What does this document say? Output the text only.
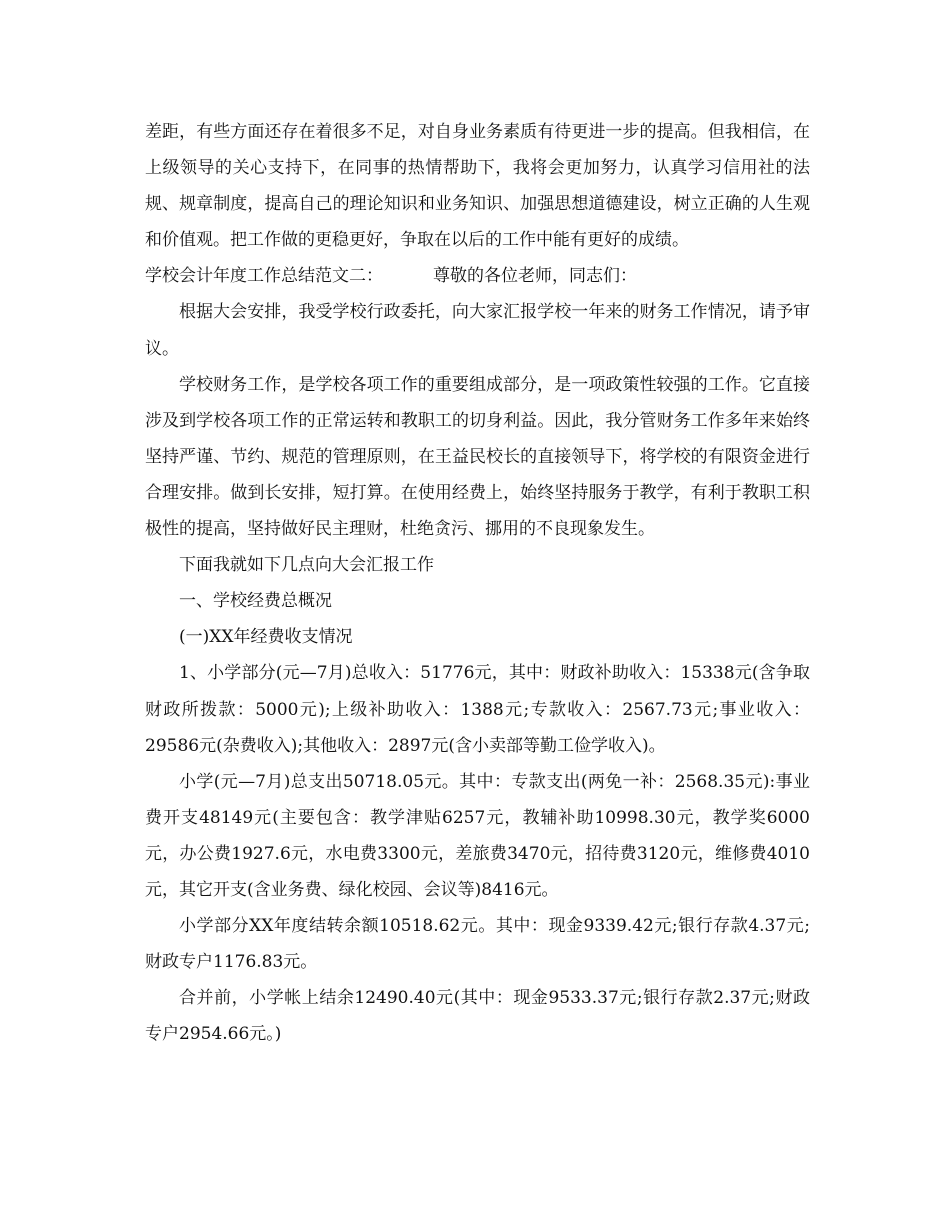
差距，有些方面还存在着很多不足，对自身业务素质有待更进一步的提高。但我相信，在上级领导的关心支持下，在同事的热情帮助下，我将会更加努力，认真学习信用社的法规、规章制度，提高自己的理论知识和业务知识、加强思想道德建设，树立正确的人生观和价值观。把工作做的更稳更好，争取在以后的工作中能有更好的成绩。

学校会计年度工作总结范文二：	尊敬的各位老师，同志们：

根据大会安排，我受学校行政委托，向大家汇报学校一年来的财务工作情况，请予审议。

学校财务工作，是学校各项工作的重要组成部分，是一项政策性较强的工作。它直接涉及到学校各项工作的正常运转和教职工的切身利益。因此，我分管财务工作多年来始终坚持严谨、节约、规范的管理原则，在王益民校长的直接领导下，将学校的有限资金进行合理安排。做到长安排，短打算。在使用经费上，始终坚持服务于教学，有利于教职工积极性的提高，坚持做好民主理财，杜绝贪污、挪用的不良现象发生。

下面我就如下几点向大会汇报工作

一、学校经费总概况

(一)XX年经费收支情况

1、小学部分(元—7月)总收入：51776元，其中：财政补助收入：15338元(含争取财政所拨款：5000元);上级补助收入：1388元;专款收入：2567.73元;事业收入：29586元(杂费收入);其他收入：2897元(含小卖部等勤工俭学收入)。

小学(元—7月)总支出50718.05元。其中：专款支出(两免一补：2568.35元):事业费开支48149元(主要包含：教学津贴6257元，教辅补助10998.30元，教学奖6000元，办公费1927.6元，水电费3300元，差旅费3470元，招待费3120元，维修费4010元，其它开支(含业务费、绿化校园、会议等)8416元。

小学部分XX年度结转余额10518.62元。其中：现金9339.42元;银行存款4.37元;财政专户1176.83元。

合并前，小学帐上结余12490.40元(其中：现金9533.37元;银行存款2.37元;财政专户2954.66元。)
